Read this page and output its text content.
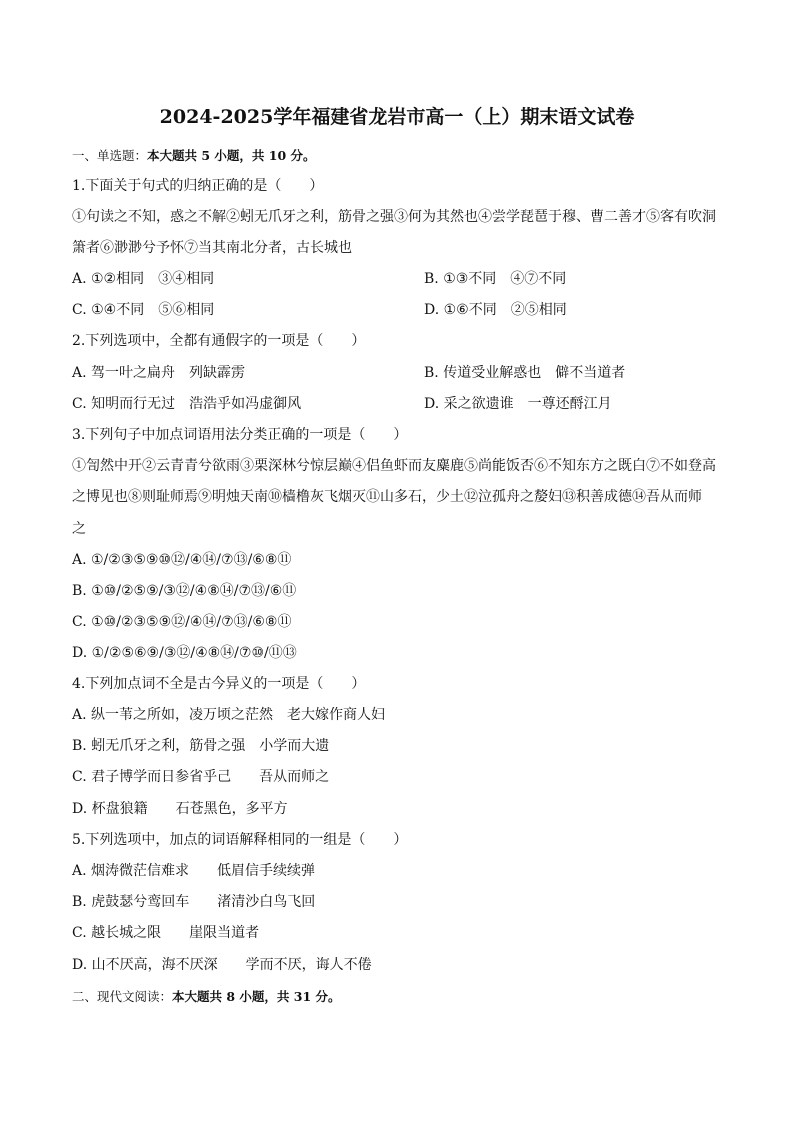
2024-2025学年福建省龙岩市高一（上）期末语文试卷
一、单选题：本大题共 5 小题，共 10 分。
1.下面关于句式的归纳正确的是（　　）
①句读之不知，惑之不解②蚓无爪牙之利，筋骨之强③何为其然也④尝学琵琶于穆、曹二善才⑤客有吹洞
箫者⑥渺渺兮予怀⑦当其南北分者，古长城也
A. ①②相同　③④相同	B. ①③不同　④⑦不同
C. ①④不同　⑤⑥相同	D. ①⑥不同　②⑤相同
2.下列选项中，全都有通假字的一项是（　　）
A. 驾一叶之扁舟　列缺霹雳	B. 传道受业解惑也　僻不当道者
C. 知明而行无过　浩浩乎如冯虚御风	D. 采之欲遗谁　一尊还酹江月
3.下列句子中加点词语用法分类正确的一项是（　　）
①訇然中开②云青青兮欲雨③栗深林兮惊层巅④侣鱼虾而友麋鹿⑤尚能饭否⑥不知东方之既白⑦不如登高
之博见也⑧则耻师焉⑨明烛天南⑩樯橹灰飞烟灭⑪山多石，少土⑫泣孤舟之嫠妇⑬积善成德⑭吾从而师
之
A. ①/②③⑤⑨⑩⑫/④⑭/⑦⑬/⑥⑧⑪
B. ①⑩/②⑤⑨/③⑫/④⑧⑭/⑦⑬/⑥⑪
C. ①⑩/②③⑤⑨⑫/④⑭/⑦⑬/⑥⑧⑪
D. ①/②⑤⑥⑨/③⑫/④⑧⑭/⑦⑩/⑪⑬
4.下列加点词不全是古今异义的一项是（　　）
A. 纵一苇之所如，凌万顷之茫然　老大嫁作商人妇
B. 蚓无爪牙之利，筋骨之强　小学而大遗
C. 君子博学而日参省乎己　　吾从而师之
D. 杯盘狼籍　　石苍黑色，多平方
5.下列选项中，加点的词语解释相同的一组是（　　）
A. 烟涛微茫信难求　　低眉信手续续弹
B. 虎鼓瑟兮鸾回车　　渚清沙白鸟飞回
C. 越长城之限　　崖限当道者
D. 山不厌高，海不厌深　　学而不厌，诲人不倦
二、现代文阅读：本大题共 8 小题，共 31 分。
